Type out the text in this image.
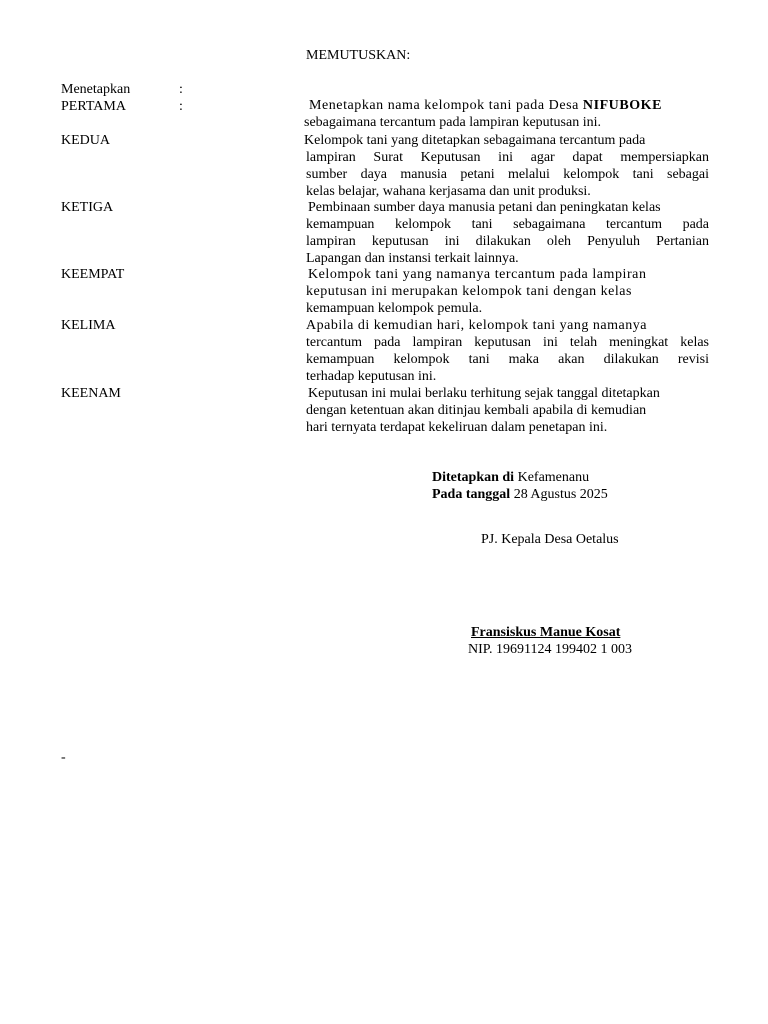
MEMUTUSKAN:
Menetapkan	:
PERTAMA	:	Menetapkan nama kelompok tani pada Desa NIFUBOKE
sebagaimana tercantum pada lampiran keputusan ini.
KEDUA	Kelompok tani yang ditetapkan sebagaimana tercantum pada
lampiran Surat Keputusan ini agar dapat mempersiapkan
sumber daya manusia petani melalui kelompok tani sebagai
kelas belajar, wahana kerjasama dan unit produksi.
KETIGA	Pembinaan sumber daya manusia petani dan peningkatan kelas
kemampuan kelompok tani sebagaimana tercantum pada
lampiran keputusan ini dilakukan oleh Penyuluh Pertanian
Lapangan dan instansi terkait lainnya.
KEEMPAT	Kelompok tani yang namanya tercantum pada lampiran
keputusan ini merupakan kelompok tani dengan kelas
kemampuan kelompok pemula.
KELIMA	Apabila di kemudian hari, kelompok tani yang namanya
tercantum pada lampiran keputusan ini telah meningkat kelas
kemampuan kelompok tani maka akan dilakukan revisi
terhadap keputusan ini.
KEENAM	Keputusan ini mulai berlaku terhitung sejak tanggal ditetapkan
dengan ketentuan akan ditinjau kembali apabila di kemudian
hari ternyata terdapat kekeliruan dalam penetapan ini.
Ditetapkan di Kefamenanu
Pada tanggal 28 Agustus 2025
PJ. Kepala Desa Oetalus
Fransiskus Manue Kosat
NIP. 19691124 199402 1 003
-
